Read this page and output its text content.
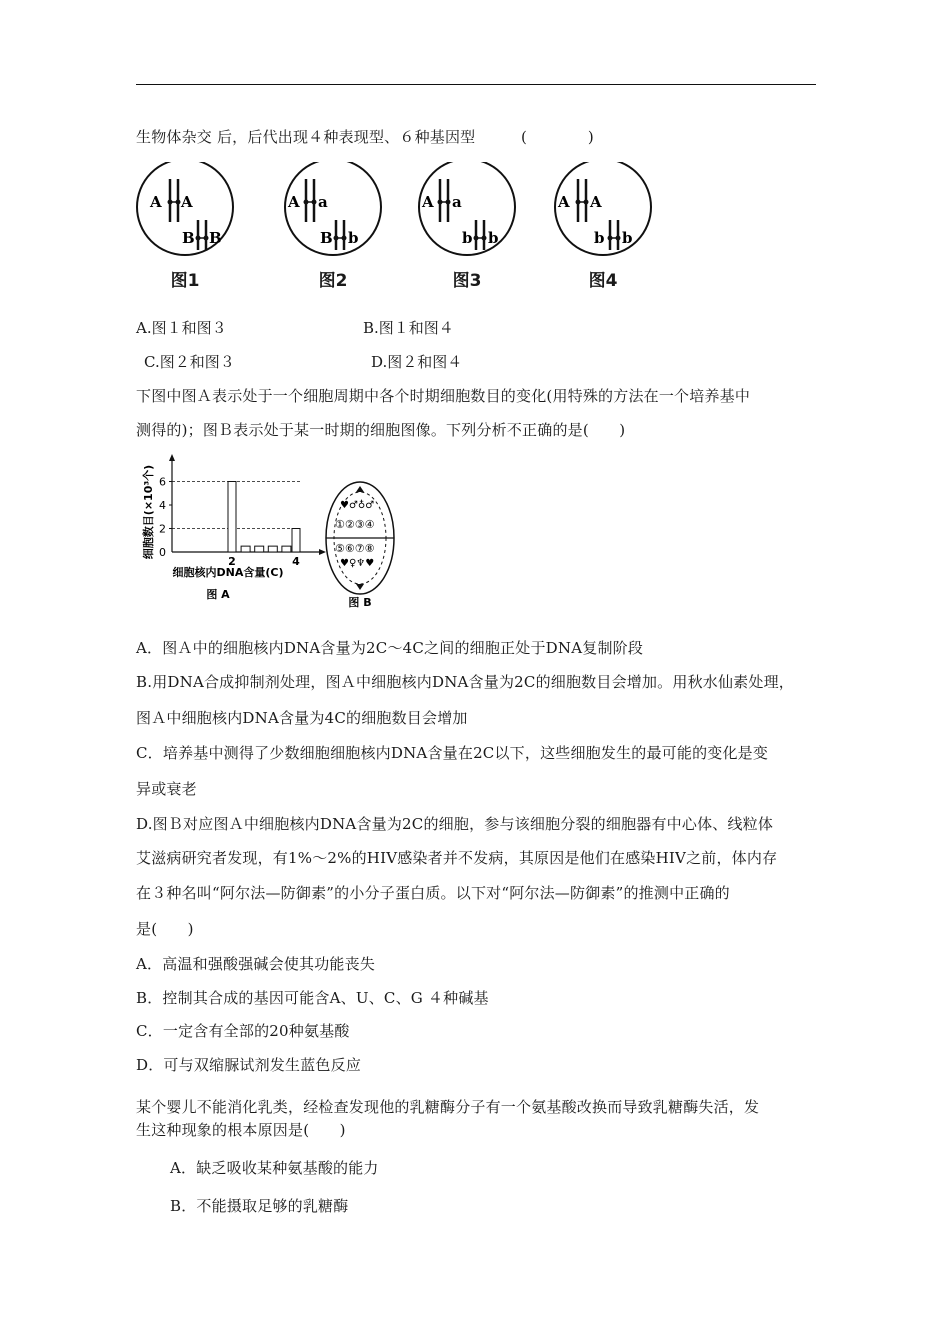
生物体杂交 后，后代出现４种表现型、６种基因型　　　(　　　　)
A A
B B
图1
A a
B b
图2
A a
b b
图3
A A
b b
图4
A.图１和图３	B.图１和图４
C.图２和图３	D.图２和图４
下图中图Ａ表示处于一个细胞周期中各个时期细胞数目的变化(用特殊的方法在一个培养基中
测得的)；图Ｂ表示处于某一时期的细胞图像。下列分析不正确的是(　　)
2
4
6
0
2	4
细胞核内DNA含量(C)
图 A
细胞数目(×10³个)	♥♂♁♂
♥♀♆♥
①②③④
⑤⑥⑦⑧
图 B
A．图Ａ中的细胞核内DNA含量为2C～4C之间的细胞正处于DNA复制阶段
B.用DNA合成抑制剂处理，图Ａ中细胞核内DNA含量为2C的细胞数目会增加。用秋水仙素处理，
图Ａ中细胞核内DNA含量为4C的细胞数目会增加
C．培养基中测得了少数细胞细胞核内DNA含量在2C以下，这些细胞发生的最可能的变化是变
异或衰老
D.图Ｂ对应图Ａ中细胞核内DNA含量为2C的细胞，参与该细胞分裂的细胞器有中心体、线粒体
艾滋病研究者发现，有1%～2%的HIV感染者并不发病，其原因是他们在感染HIV之前，体内存
在３种名叫“阿尔法—防御素”的小分子蛋白质。以下对“阿尔法—防御素”的推测中正确的
是(　　)
A．高温和强酸强碱会使其功能丧失
B．控制其合成的基因可能含A、U、C、G ４种碱基
C．一定含有全部的20种氨基酸
D．可与双缩脲试剂发生蓝色反应
某个婴儿不能消化乳类，经检查发现他的乳糖酶分子有一个氨基酸改换而导致乳糖酶失活，发
生这种现象的根本原因是(　　)
A．缺乏吸收某种氨基酸的能力
B．不能摄取足够的乳糖酶
